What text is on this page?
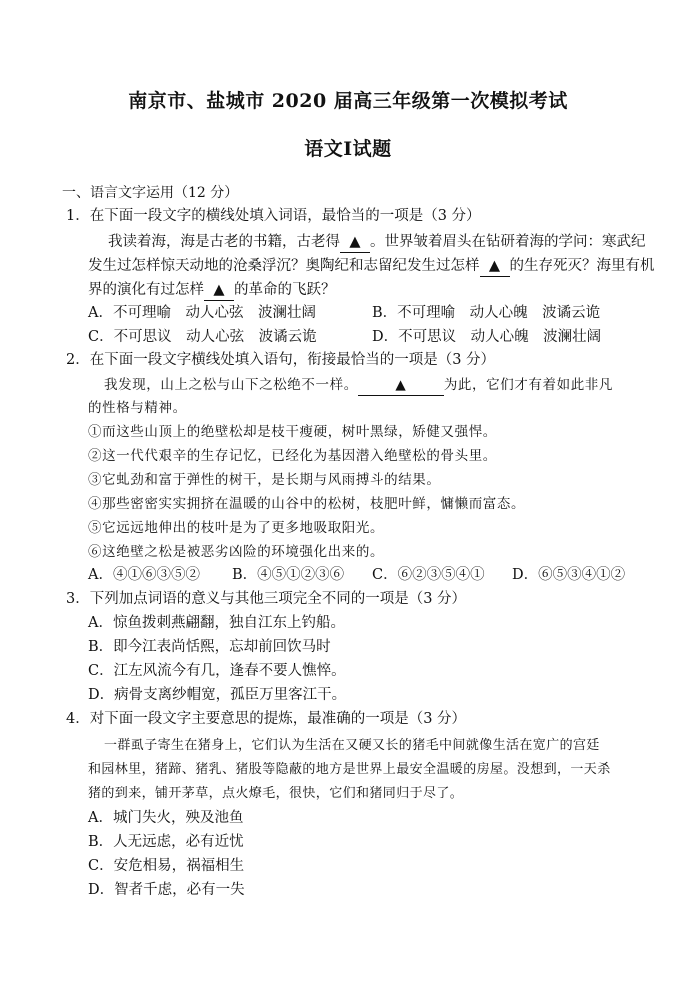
南京市、盐城市 2020 届高三年级第一次模拟考试
语文Ⅰ试题
一、语言文字运用（12 分）
1．在下面一段文字的横线处填入词语，最恰当的一项是（3 分）
我读着海，海是古老的书籍，古老得 ▲ 。世界皱着眉头在钻研着海的学问：寒武纪
发生过怎样惊天动地的沧桑浮沉？奥陶纪和志留纪发生过怎样 ▲ 的生存死灭？海里有机
界的演化有过怎样 ▲ 的革命的飞跃？
A．不可理喻　动人心弦　波澜壮阔	B．不可理喻　动人心魄　波谲云诡
C．不可思议　动人心弦　波谲云诡	D．不可思议　动人心魄　波澜壮阔
2．在下面一段文字横线处填入语句，衔接最恰当的一项是（3 分）
我发现，山上之松与山下之松绝不一样。	▲	为此，它们才有着如此非凡
的性格与精神。
①而这些山顶上的绝壁松却是枝干瘦硬，树叶黑绿，矫健又强悍。
②这一代代艰辛的生存记忆，已经化为基因潜入绝壁松的骨头里。
③它虬劲和富于弹性的树干，是长期与风雨搏斗的结果。
④那些密密实实拥挤在温暖的山谷中的松树，枝肥叶鲜，慵懒而富态。
⑤它远远地伸出的枝叶是为了更多地吸取阳光。
⑥这绝壁之松是被恶劣凶险的环境强化出来的。
A．④①⑥③⑤② B．④⑤①②③⑥ C．⑥②③⑤④① D．⑥⑤③④①②
3．下列加点词语的意义与其他三项完全不同的一项是（3 分）
A．惊鱼拨刺燕翩翻，独自江东上钓船。
B．即今江表尚恬熙，忘却前回饮马时
C．江左风流今有几，逢春不要人憔悴。
D．病骨支离纱帽宽，孤臣万里客江干。
4．对下面一段文字主要意思的提炼，最准确的一项是（3 分）
一群虱子寄生在猪身上，它们认为生活在又硬又长的猪毛中间就像生活在宽广的宫廷
和园林里，猪蹄、猪乳、猪股等隐蔽的地方是世界上最安全温暖的房屋。没想到，一天杀
猪的到来，铺开茅草，点火燎毛，很快，它们和猪同归于尽了。
A．城门失火，殃及池鱼
B．人无远虑，必有近忧
C．安危相易，祸福相生
D．智者千虑，必有一失
